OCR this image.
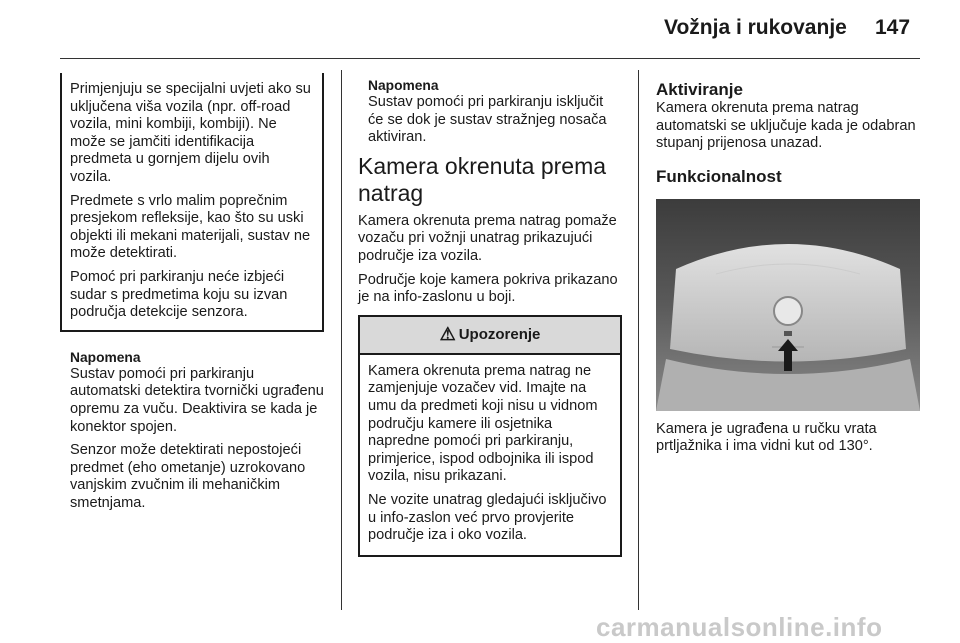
Vožnja i rukovanje 147

Primjenjuju se specijalni uvjeti ako su uključena viša vozila (npr. off-road vozila, mini kombiji, kombiji). Ne može se jamčiti identifikacija predmeta u gornjem dijelu ovih vozila.

Predmete s vrlo malim poprečnim presjekom refleksije, kao što su uski objekti ili mekani materijali, sustav ne može detektirati.

Pomoć pri parkiranju neće izbjeći sudar s predmetima koju su izvan područja detekcije senzora.

Napomena

Sustav pomoći pri parkiranju automatski detektira tvornički ugrađenu opremu za vuču. Deaktivira se kada je konektor spojen.

Senzor može detektirati nepostojeći predmet (eho ometanje) uzrokovano vanjskim zvučnim ili mehaničkim smetnjama.

Napomena

Sustav pomoći pri parkiranju isključit će se dok je sustav stražnjeg nosača aktiviran.

Kamera okrenuta prema natrag

Kamera okrenuta prema natrag pomaže vozaču pri vožnji unatrag prikazujući područje iza vozila.

Područje koje kamera pokriva prikazano je na info-zaslonu u boji.

⚠ Upozorenje

Kamera okrenuta prema natrag ne zamjenjuje vozačev vid. Imajte na umu da predmeti koji nisu u vidnom području kamere ili osjetnika napredne pomoći pri parkiranju, primjerice, ispod odbojnika ili ispod vozila, nisu prikazani.

Ne vozite unatrag gledajući isključivo u info-zaslon već prvo provjerite područje iza i oko vozila.

Aktiviranje

Kamera okrenuta prema natrag automatski se uključuje kada je odabran stupanj prijenosa unazad.

Funkcionalnost

Kamera je ugrađena u ručku vrata prtljažnika i ima vidni kut od 130°.

carmanualsonline.info
